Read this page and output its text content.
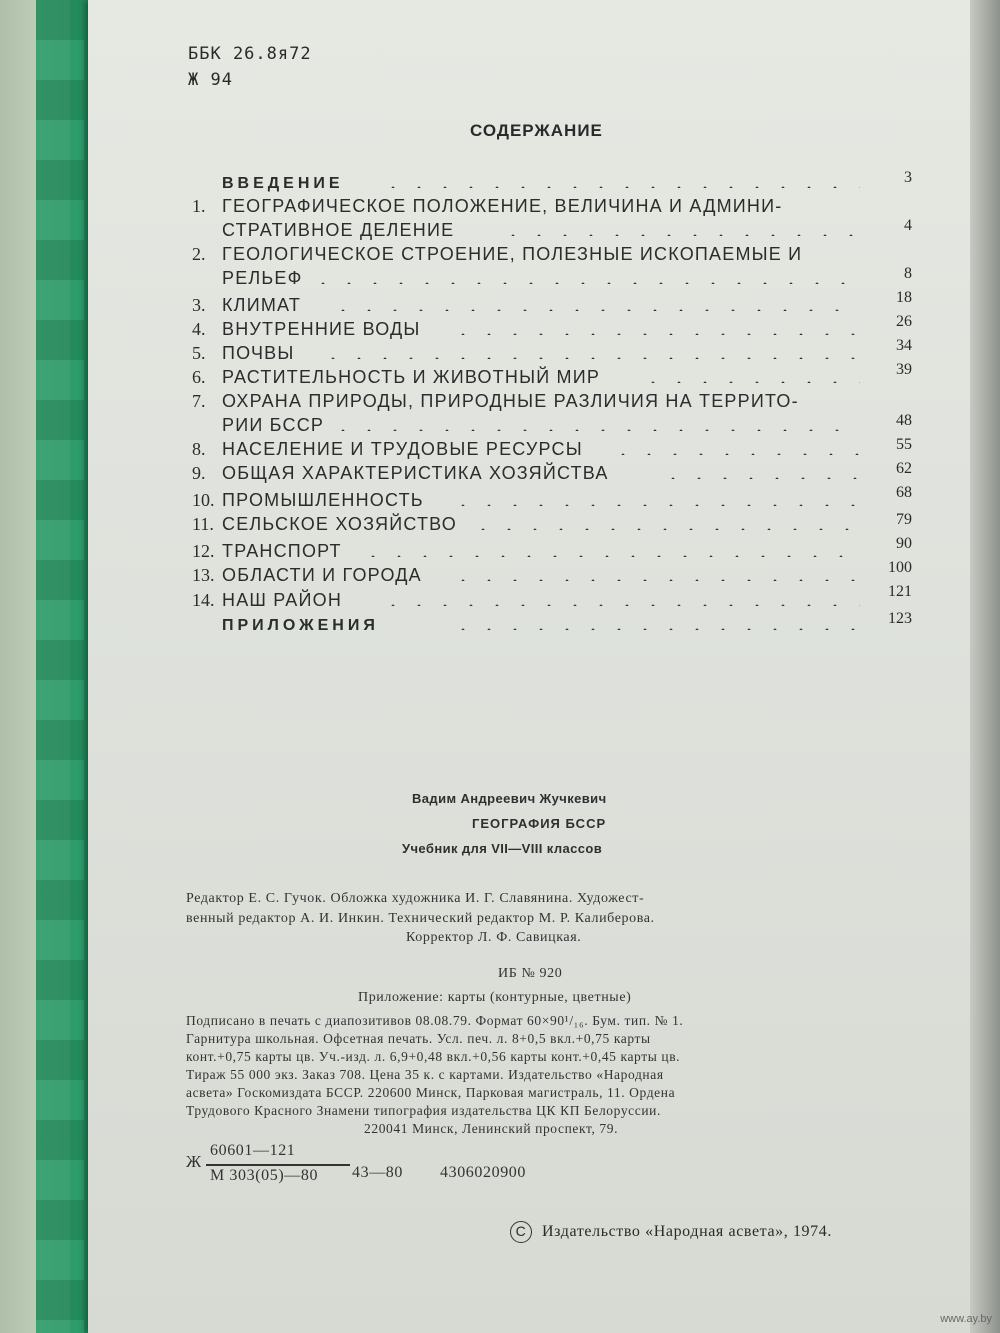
ББК 26.8я72
Ж 94
СОДЕРЖАНИЕ
ВВЕДЕНИЕ	3
1. ГЕОГРАФИЧЕСКОЕ ПОЛОЖЕНИЕ, ВЕЛИЧИНА И АДМИНИ-
СТРАТИВНОЕ ДЕЛЕНИЕ	4
2. ГЕОЛОГИЧЕСКОЕ СТРОЕНИЕ, ПОЛЕЗНЫЕ ИСКОПАЕМЫЕ И
РЕЛЬЕФ	8
3. КЛИМАТ	18
4. ВНУТРЕННИЕ ВОДЫ	26
5. ПОЧВЫ	34
6. РАСТИТЕЛЬНОСТЬ И ЖИВОТНЫЙ МИР	39
7. ОХРАНА ПРИРОДЫ, ПРИРОДНЫЕ РАЗЛИЧИЯ НА ТЕРРИТО-
РИИ БССР	48
8. НАСЕЛЕНИЕ И ТРУДОВЫЕ РЕСУРСЫ	55
9. ОБЩАЯ ХАРАКТЕРИСТИКА ХОЗЯЙСТВА	62
10. ПРОМЫШЛЕННОСТЬ	68
11. СЕЛЬСКОЕ ХОЗЯЙСТВО	79
12. ТРАНСПОРТ	90
13. ОБЛАСТИ И ГОРОДА	100
14. НАШ РАЙОН	121
ПРИЛОЖЕНИЯ	123
Вадим Андреевич Жучкевич
ГЕОГРАФИЯ БССР
Учебник для VII—VIII классов
Редактор Е. С. Гучок. Обложка художника И. Г. Славянина. Художест-
венный редактор А. И. Инкин. Технический редактор М. Р. Калиберова.
Корректор Л. Ф. Савицкая.
ИБ № 920
Приложение: карты (контурные, цветные)
Подписано в печать с диапозитивов 08.08.79. Формат 60×90¹/₁₆. Бум. тип. № 1.
Гарнитура школьная. Офсетная печать. Усл. печ. л. 8+0,5 вкл.+0,75 карты
конт.+0,75 карты цв. Уч.-изд. л. 6,9+0,48 вкл.+0,56 карты конт.+0,45 карты цв.
Тираж 55 000 экз. Заказ 708. Цена 35 к. с картами. Издательство «Народная
асвета» Госкомиздата БССР. 220600 Минск, Парковая магистраль, 11. Ордена
Трудового Красного Знамени типография издательства ЦК КП Белоруссии.
220041 Минск, Ленинский проспект, 79.
Ж
60601—121
М 303(05)—80 43—80 4306020900
C Издательство «Народная асвета», 1974.
www.ay.by
